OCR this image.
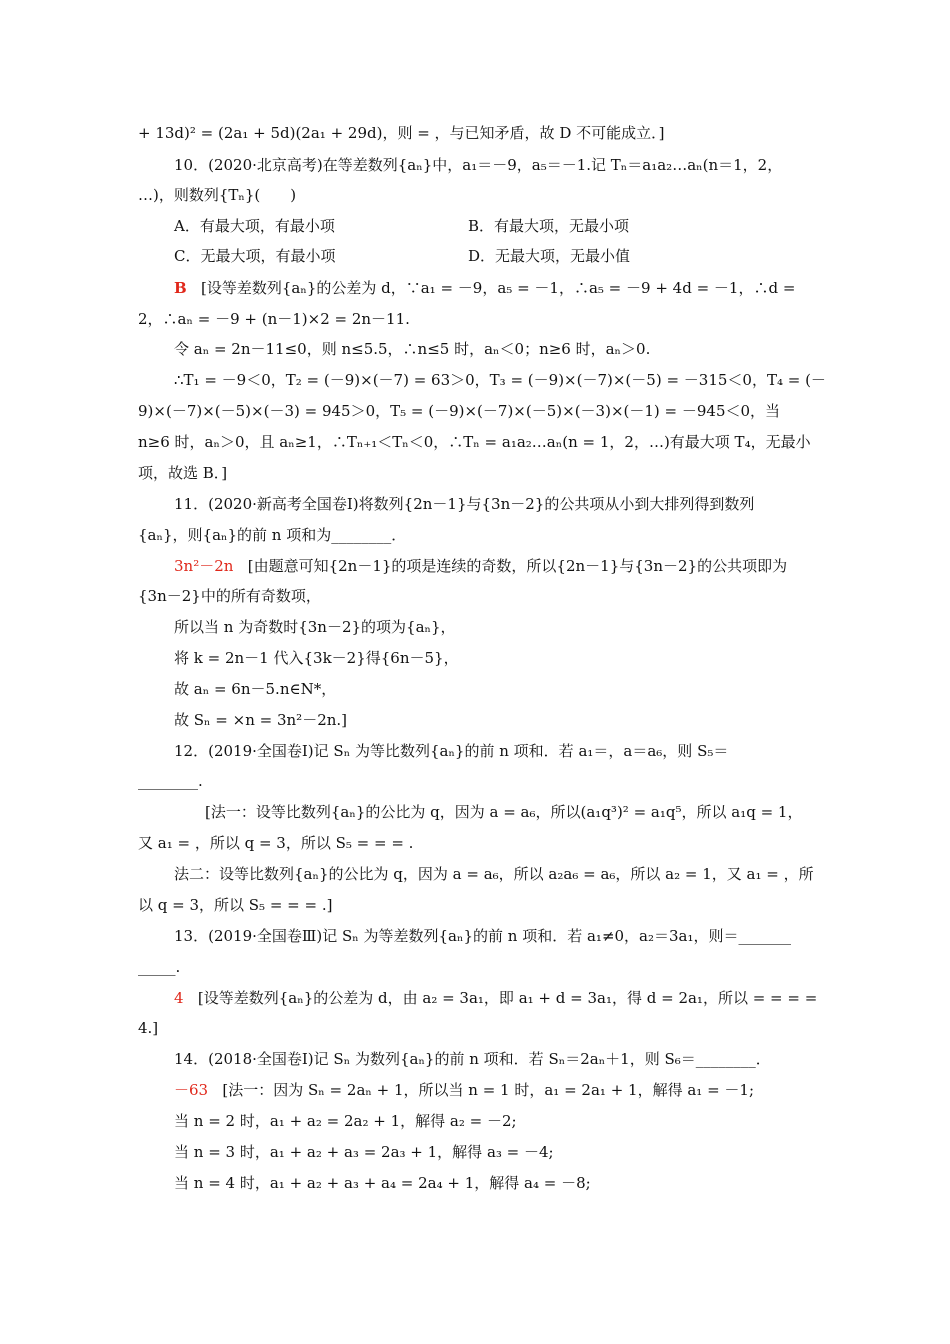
+ 13d)² = (2a₁ + 5d)(2a₁ + 29d)，则 = ，与已知矛盾，故 D 不可能成立．]
10．(2020·北京高考)在等差数列{aₙ}中，a₁＝－9，a₅＝－1.记 Tₙ＝a₁a₂…aₙ(n＝1，2，
…)，则数列{Tₙ}(　　)
A．有最大项，有最小项	B．有最大项，无最小项
C．无最大项，有最小项	D．无最大项，无最小值
B [设等差数列{aₙ}的公差为 d，∵a₁ = －9，a₅ = －1，∴a₅ = －9 + 4d = －1，∴d =
2，∴aₙ = －9 + (n－1)×2 = 2n－11.
令 aₙ = 2n－11≤0，则 n≤5.5，∴n≤5 时，aₙ＜0；n≥6 时，aₙ＞0.
∴T₁ = －9＜0，T₂ = (－9)×(－7) = 63＞0，T₃ = (－9)×(－7)×(－5) = －315＜0，T₄ = (－
9)×(－7)×(－5)×(－3) = 945＞0，T₅ = (－9)×(－7)×(－5)×(－3)×(－1) = －945＜0，当
n≥6 时，aₙ＞0，且 aₙ≥1，∴Tₙ₊₁＜Tₙ＜0，∴Tₙ = a₁a₂…aₙ(n = 1，2，…)有最大项 T₄，无最小
项，故选 B．]
11．(2020·新高考全国卷Ⅰ)将数列{2n－1}与{3n－2}的公共项从小到大排列得到数列
{aₙ}，则{aₙ}的前 n 项和为________．
3n²－2n [由题意可知{2n－1}的项是连续的奇数，所以{2n－1}与{3n－2}的公共项即为
{3n－2}中的所有奇数项，
所以当 n 为奇数时{3n－2}的项为{aₙ}，
将 k = 2n－1 代入{3k－2}得{6n－5}，
故 aₙ = 6n－5.n∈N*，
故 Sₙ = ×n = 3n²－2n.]
12．(2019·全国卷Ⅰ)记 Sₙ 为等比数列{aₙ}的前 n 项和．若 a₁＝，a＝a₆，则 S₅＝
________.
[法一：设等比数列{aₙ}的公比为 q，因为 a = a₆，所以(a₁q³)² = a₁q⁵，所以 a₁q = 1，
又 a₁ = ，所以 q = 3，所以 S₅ = = = .
法二：设等比数列{aₙ}的公比为 q，因为 a = a₆，所以 a₂a₆ = a₆，所以 a₂ = 1，又 a₁ = ，所
以 q = 3，所以 S₅ = = = .]
13．(2019·全国卷Ⅲ)记 Sₙ 为等差数列{aₙ}的前 n 项和．若 a₁≠0，a₂＝3a₁，则＝_______
_____.
4 [设等差数列{aₙ}的公差为 d，由 a₂ = 3a₁，即 a₁ + d = 3a₁，得 d = 2a₁，所以 = = = =
4.]
14．(2018·全国卷Ⅰ)记 Sₙ 为数列{aₙ}的前 n 项和．若 Sₙ＝2aₙ＋1，则 S₆＝________．
－63 [法一：因为 Sₙ = 2aₙ + 1，所以当 n = 1 时，a₁ = 2a₁ + 1，解得 a₁ = －1;
当 n = 2 时，a₁ + a₂ = 2a₂ + 1，解得 a₂ = －2;
当 n = 3 时，a₁ + a₂ + a₃ = 2a₃ + 1，解得 a₃ = －4;
当 n = 4 时，a₁ + a₂ + a₃ + a₄ = 2a₄ + 1，解得 a₄ = －8;
